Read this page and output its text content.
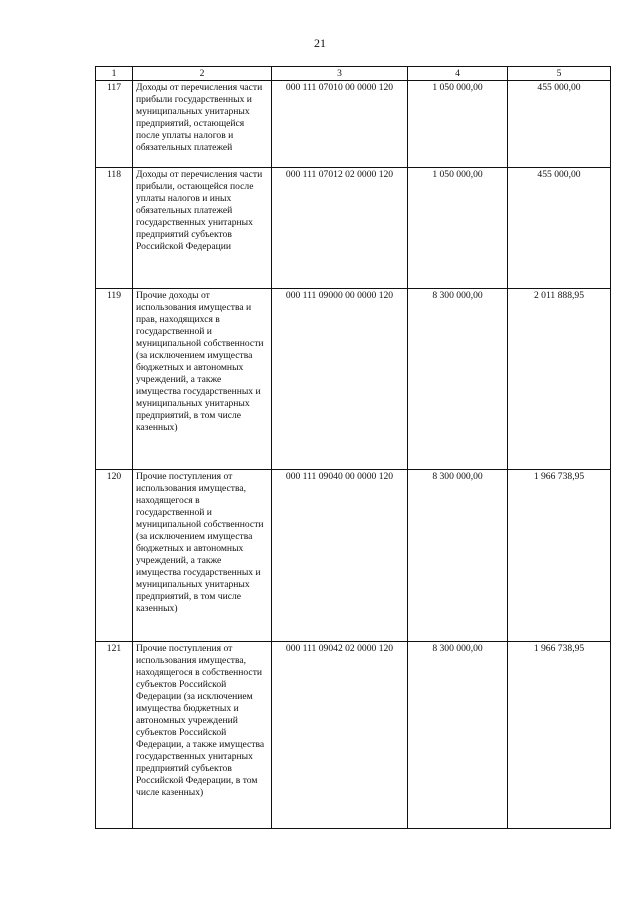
21
1	2	3	4	5
117	Доходы от перечисления части прибыли государственных и муниципальных унитарных предприятий, остающейся после уплаты налогов и обязательных платежей	000 111 07010 00 0000 120	1 050 000,00	455 000,00
118	Доходы от перечисления части прибыли, остающейся после уплаты налогов и иных обязательных платежей государственных унитарных предприятий субъектов Российской Федерации	000 111 07012 02 0000 120	1 050 000,00	455 000,00
119	Прочие доходы от использования имущества и прав, находящихся в государственной и муниципальной собственности (за исключением имущества бюджетных и автономных учреждений, а также имущества государственных и муниципальных унитарных предприятий, в том числе казенных)	000 111 09000 00 0000 120	8 300 000,00	2 011 888,95
120	Прочие поступления от использования имущества, находящегося в государственной и муниципальной собственности (за исключением имущества бюджетных и автономных учреждений, а также имущества государственных и муниципальных унитарных предприятий, в том числе казенных)	000 111 09040 00 0000 120	8 300 000,00	1 966 738,95
121	Прочие поступления от использования имущества, находящегося в собственности субъектов Российской Федерации (за исключением имущества бюджетных и автономных учреждений субъектов Российской Федерации, а также имущества государственных унитарных предприятий субъектов Российской Федерации, в том числе казенных)	000 111 09042 02 0000 120	8 300 000,00	1 966 738,95
